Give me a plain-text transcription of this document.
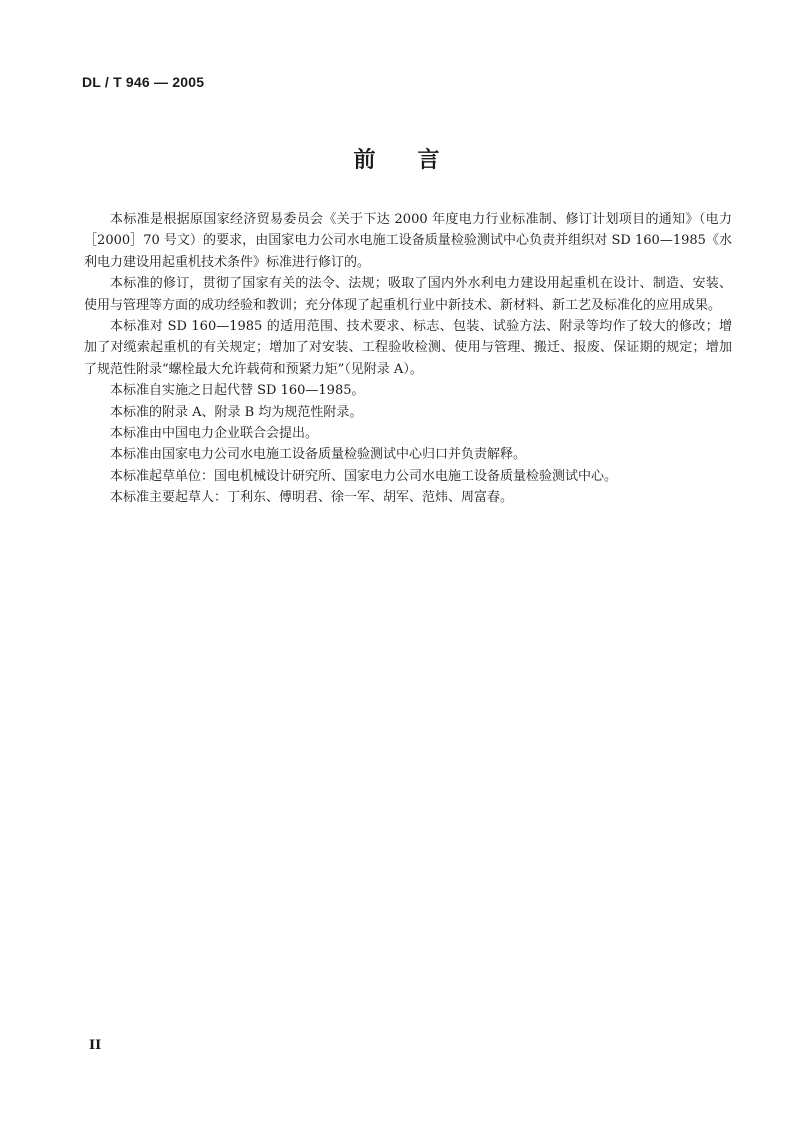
DL / T 946 — 2005
前言

本标准是根据原国家经济贸易委员会《关于下达 2000 年度电力行业标准制、修订计划项目的通知》（电力［2000］70 号文）的要求，由国家电力公司水电施工设备质量检验测试中心负责并组织对 SD 160—1985《水利电力建设用起重机技术条件》标准进行修订的。

本标准的修订，贯彻了国家有关的法令、法规；吸取了国内外水利电力建设用起重机在设计、制造、安装、使用与管理等方面的成功经验和教训；充分体现了起重机行业中新技术、新材料、新工艺及标准化的应用成果。

本标准对 SD 160—1985 的适用范围、技术要求、标志、包装、试验方法、附录等均作了较大的修改；增加了对缆索起重机的有关规定；增加了对安装、工程验收检测、使用与管理、搬迁、报废、保证期的规定；增加了规范性附录“螺栓最大允许载荷和预紧力矩”（见附录 A）。

本标准自实施之日起代替 SD 160—1985。

本标准的附录 A、附录 B 均为规范性附录。

本标准由中国电力企业联合会提出。

本标准由国家电力公司水电施工设备质量检验测试中心归口并负责解释。

本标准起草单位：国电机械设计研究所、国家电力公司水电施工设备质量检验测试中心。

本标准主要起草人：丁利东、傅明君、徐一军、胡军、范炜、周富春。

II
